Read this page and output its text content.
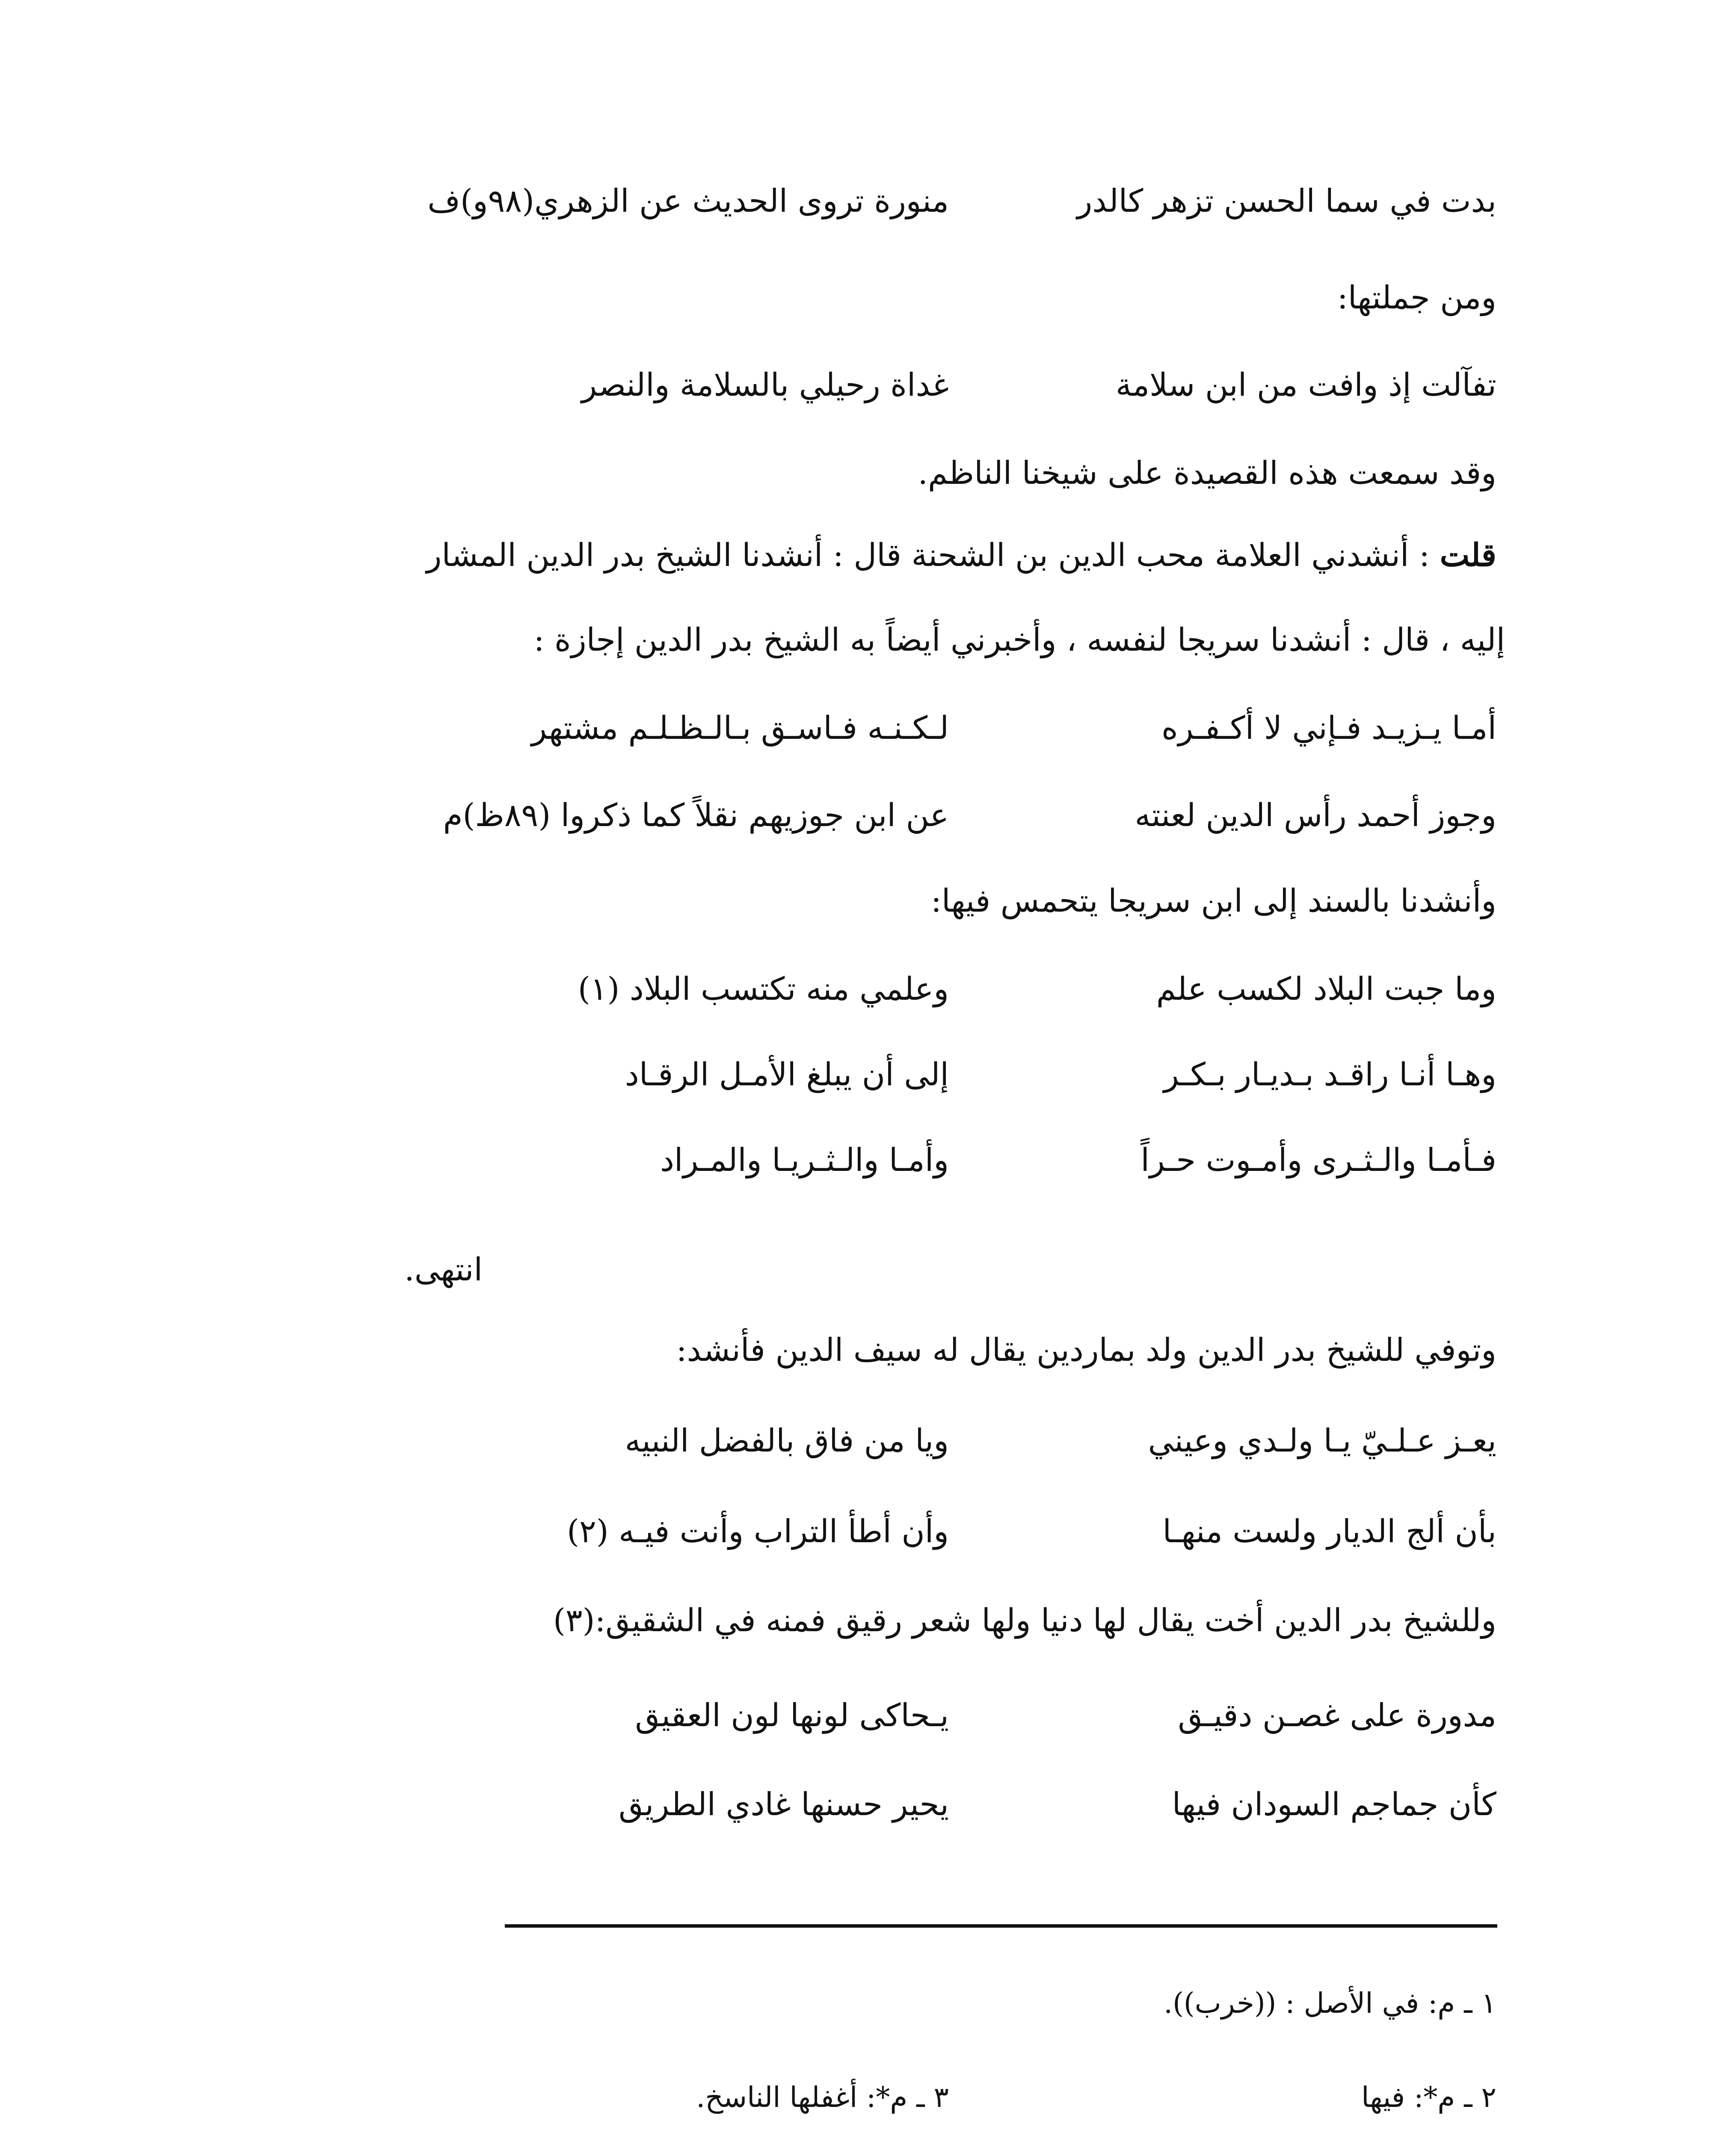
بدت في سما الحسن تزهر كالدر
منورة تروى الحديث عن الزهري(٩٨و)ف
ومن جملتها:
تفآلت إذ وافت من ابن سلامة
غداة رحيلي بالسلامة والنصر
وقد سمعت هذه القصيدة على شيخنا الناظم.
قلت : أنشدني العلامة محب الدين بن الشحنة قال : أنشدنا الشيخ بدر الدين المشار
إليه ، قال : أنشدنا سريجا لنفسه ، وأخبرني أيضاً به الشيخ بدر الدين إجازة :
أمـا يـزيـد فـإني لا أكـفـره
لـكـنـه فـاسـق بـالـظـلـم مشتهر
وجوز أحمد رأس الدين لعنته
عن ابن جوزيهم نقلاً كما ذكروا (٨٩ظ)م
وأنشدنا بالسند إلى ابن سريجا يتحمس فيها:
وما جبت البلاد لكسب علم
وعلمي منه تكتسب البلاد (١)
وهـا أنـا راقـد بـديـار بـكـر
إلى أن يبلغ الأمـل الرقـاد
فـأمـا والـثـرى وأمـوت حـراً
وأمـا والـثـريـا والمـراد
انتهى.
وتوفي للشيخ بدر الدين ولد بماردين يقال له سيف الدين فأنشد:
يعـز عـلـيّ يـا ولـدي وعيني
ويا من فاق بالفضل النبيه
بأن ألج الديار ولست منهـا
وأن أطأ التراب وأنت فيـه (٢)
وللشيخ بدر الدين أخت يقال لها دنيا ولها شعر رقيق فمنه في الشقيق:(٣)
مدورة على غصـن دقيـق
يـحاكى لونها لون العقيق
كأن جماجم السودان فيها
يحير حسنها غادي الطريق
١ ـ م: في الأصل : ((خرب)).
٢ ـ م*: فيها
٣ ـ م*: أغفلها الناسخ.
